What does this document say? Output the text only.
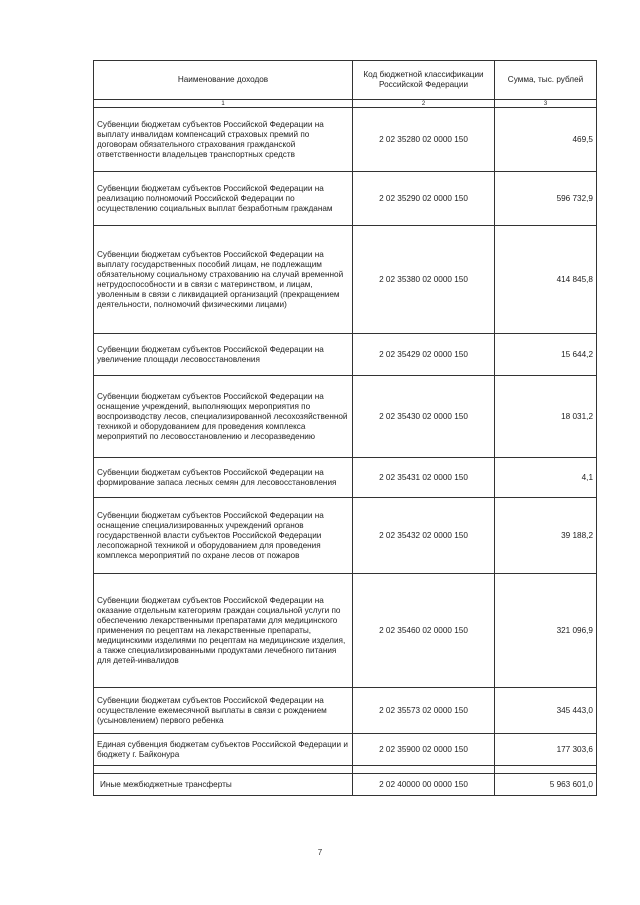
Наименование доходов	Код бюджетной классификации Российской Федерации	Сумма, тыс. рублей
1	2	3
Субвенции бюджетам субъектов Российской Федерации на выплату инвалидам компенсаций страховых премий по договорам обязательного страхования гражданской ответственности владельцев транспортных средств	2 02 35280 02 0000 150	469,5
Субвенции бюджетам субъектов Российской Федерации на реализацию полномочий Российской Федерации по осуществлению социальных выплат безработным гражданам	2 02 35290 02 0000 150	596 732,9
Субвенции бюджетам субъектов Российской Федерации на выплату государственных пособий лицам, не подлежащим обязательному социальному страхованию на случай временной нетрудоспособности и в связи с материнством, и лицам, уволенным в связи с ликвидацией организаций (прекращением деятельности, полномочий физическими лицами)	2 02 35380 02 0000 150	414 845,8
Субвенции бюджетам субъектов Российской Федерации на увеличение площади лесовосстановления	2 02 35429 02 0000 150	15 644,2
Субвенции бюджетам субъектов Российской Федерации на оснащение учреждений, выполняющих мероприятия по воспроизводству лесов, специализированной лесохозяйственной техникой и оборудованием для проведения комплекса мероприятий по лесовосстановлению и лесоразведению	2 02 35430 02 0000 150	18 031,2
Субвенции бюджетам субъектов Российской Федерации на формирование запаса лесных семян для лесовосстановления	2 02 35431 02 0000 150	4,1
Субвенции бюджетам субъектов Российской Федерации на оснащение специализированных учреждений органов государственной власти субъектов Российской Федерации лесопожарной техникой и оборудованием для проведения комплекса мероприятий по охране лесов от пожаров	2 02 35432 02 0000 150	39 188,2
Субвенции бюджетам субъектов Российской Федерации на оказание отдельным категориям граждан социальной услуги по обеспечению лекарственными препаратами для медицинского применения по рецептам на лекарственные препараты, медицинскими изделиями по рецептам на медицинские изделия, а также специализированными продуктами лечебного питания для детей-инвалидов	2 02 35460 02 0000 150	321 096,9
Субвенции бюджетам субъектов Российской Федерации на осуществление ежемесячной выплаты в связи с рождением (усыновлением) первого ребенка	2 02 35573 02 0000 150	345 443,0
Единая субвенция бюджетам субъектов Российской Федерации и бюджету г. Байконура	2 02 35900 02 0000 150	177 303,6

Иные межбюджетные трансферты	2 02 40000 00 0000 150	5 963 601,0
7
